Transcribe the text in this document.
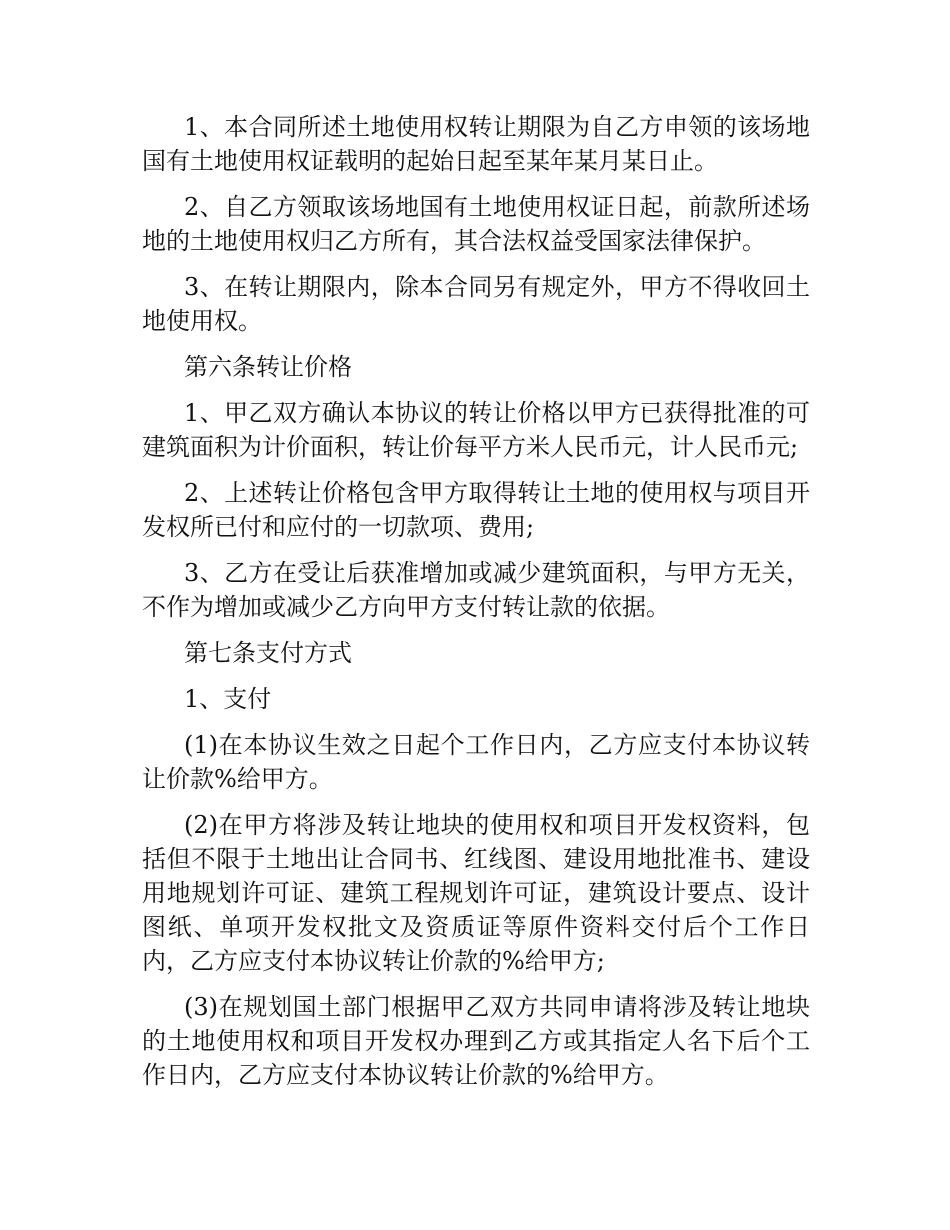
1、本合同所述土地使用权转让期限为自乙方申领的该场地国有土地使用权证载明的起始日起至某年某月某日止。

2、自乙方领取该场地国有土地使用权证日起，前款所述场地的土地使用权归乙方所有，其合法权益受国家法律保护。

3、在转让期限内，除本合同另有规定外，甲方不得收回土地使用权。

第六条转让价格

1、甲乙双方确认本协议的转让价格以甲方已获得批准的可建筑面积为计价面积，转让价每平方米人民币元，计人民币元;

2、上述转让价格包含甲方取得转让土地的使用权与项目开发权所已付和应付的一切款项、费用;

3、乙方在受让后获准增加或减少建筑面积，与甲方无关，不作为增加或减少乙方向甲方支付转让款的依据。

第七条支付方式

1、支付

(1)在本协议生效之日起个工作日内，乙方应支付本协议转让价款%给甲方。

(2)在甲方将涉及转让地块的使用权和项目开发权资料，包括但不限于土地出让合同书、红线图、建设用地批准书、建设用地规划许可证、建筑工程规划许可证，建筑设计要点、设计图纸、单项开发权批文及资质证等原件资料交付后个工作日内，乙方应支付本协议转让价款的%给甲方;

(3)在规划国土部门根据甲乙双方共同申请将涉及转让地块的土地使用权和项目开发权办理到乙方或其指定人名下后个工作日内，乙方应支付本协议转让价款的%给甲方。
